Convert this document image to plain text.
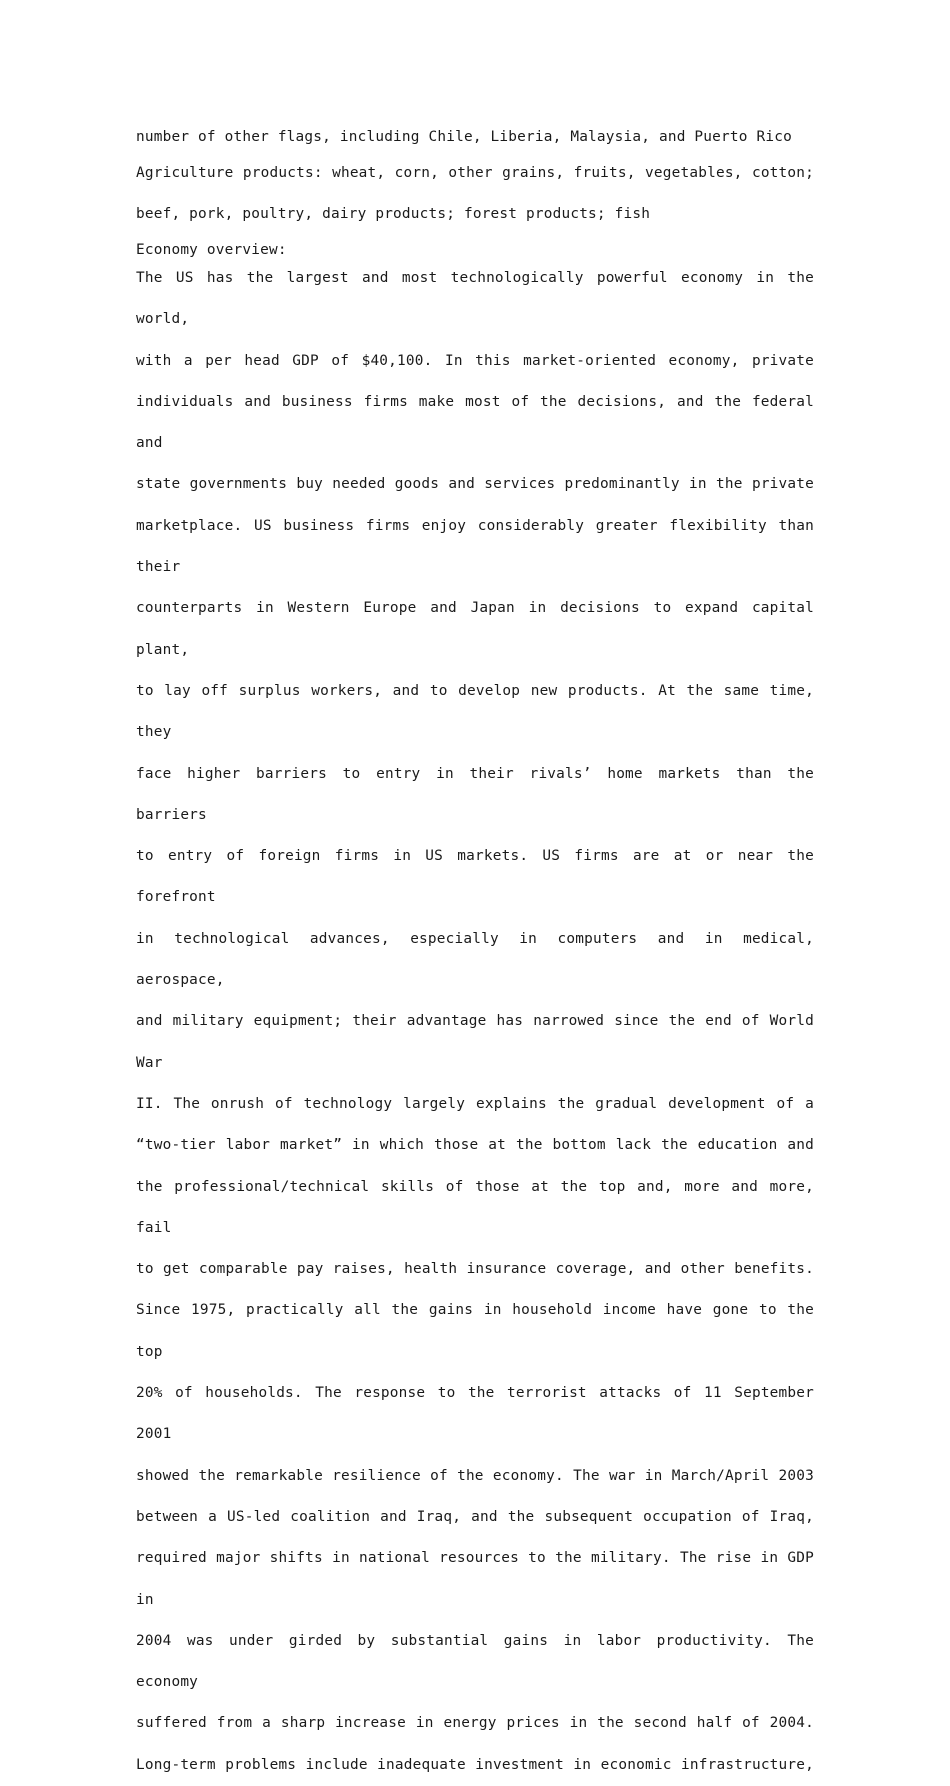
number of other flags, including Chile, Liberia, Malaysia, and Puerto Rico
Agriculture products: wheat, corn, other grains, fruits, vegetables, cotton;
beef, pork, poultry, dairy products; forest products; fish
Economy overview:
The US has the largest and most technologically powerful economy in the world,
with a per head GDP of $40,100. In this market-oriented economy, private
individuals and business firms make most of the decisions, and the federal and
state governments buy needed goods and services predominantly in the private
marketplace. US business firms enjoy considerably greater flexibility than their
counterparts in Western Europe and Japan in decisions to expand capital plant,
to lay off surplus workers, and to develop new products. At the same time, they
face higher barriers to entry in their rivals’ home markets than the barriers
to entry of foreign firms in US markets. US firms are at or near the forefront
in technological advances, especially in computers and in medical, aerospace,
and military equipment; their advantage has narrowed since the end of World War
II. The onrush of technology largely explains the gradual development of a
“two-tier labor market” in which those at the bottom lack the education and
the professional/technical skills of those at the top and, more and more, fail
to get comparable pay raises, health insurance coverage, and other benefits.
Since 1975, practically all the gains in household income have gone to the top
20% of households. The response to the terrorist attacks of 11 September 2001
showed the remarkable resilience of the economy. The war in March/April 2003
between a US-led coalition and Iraq, and the subsequent occupation of Iraq,
required major shifts in national resources to the military. The rise in GDP in
2004 was under girded by substantial gains in labor productivity. The economy
suffered from a sharp increase in energy prices in the second half of 2004.
Long-term problems include inadequate investment in economic infrastructure,
